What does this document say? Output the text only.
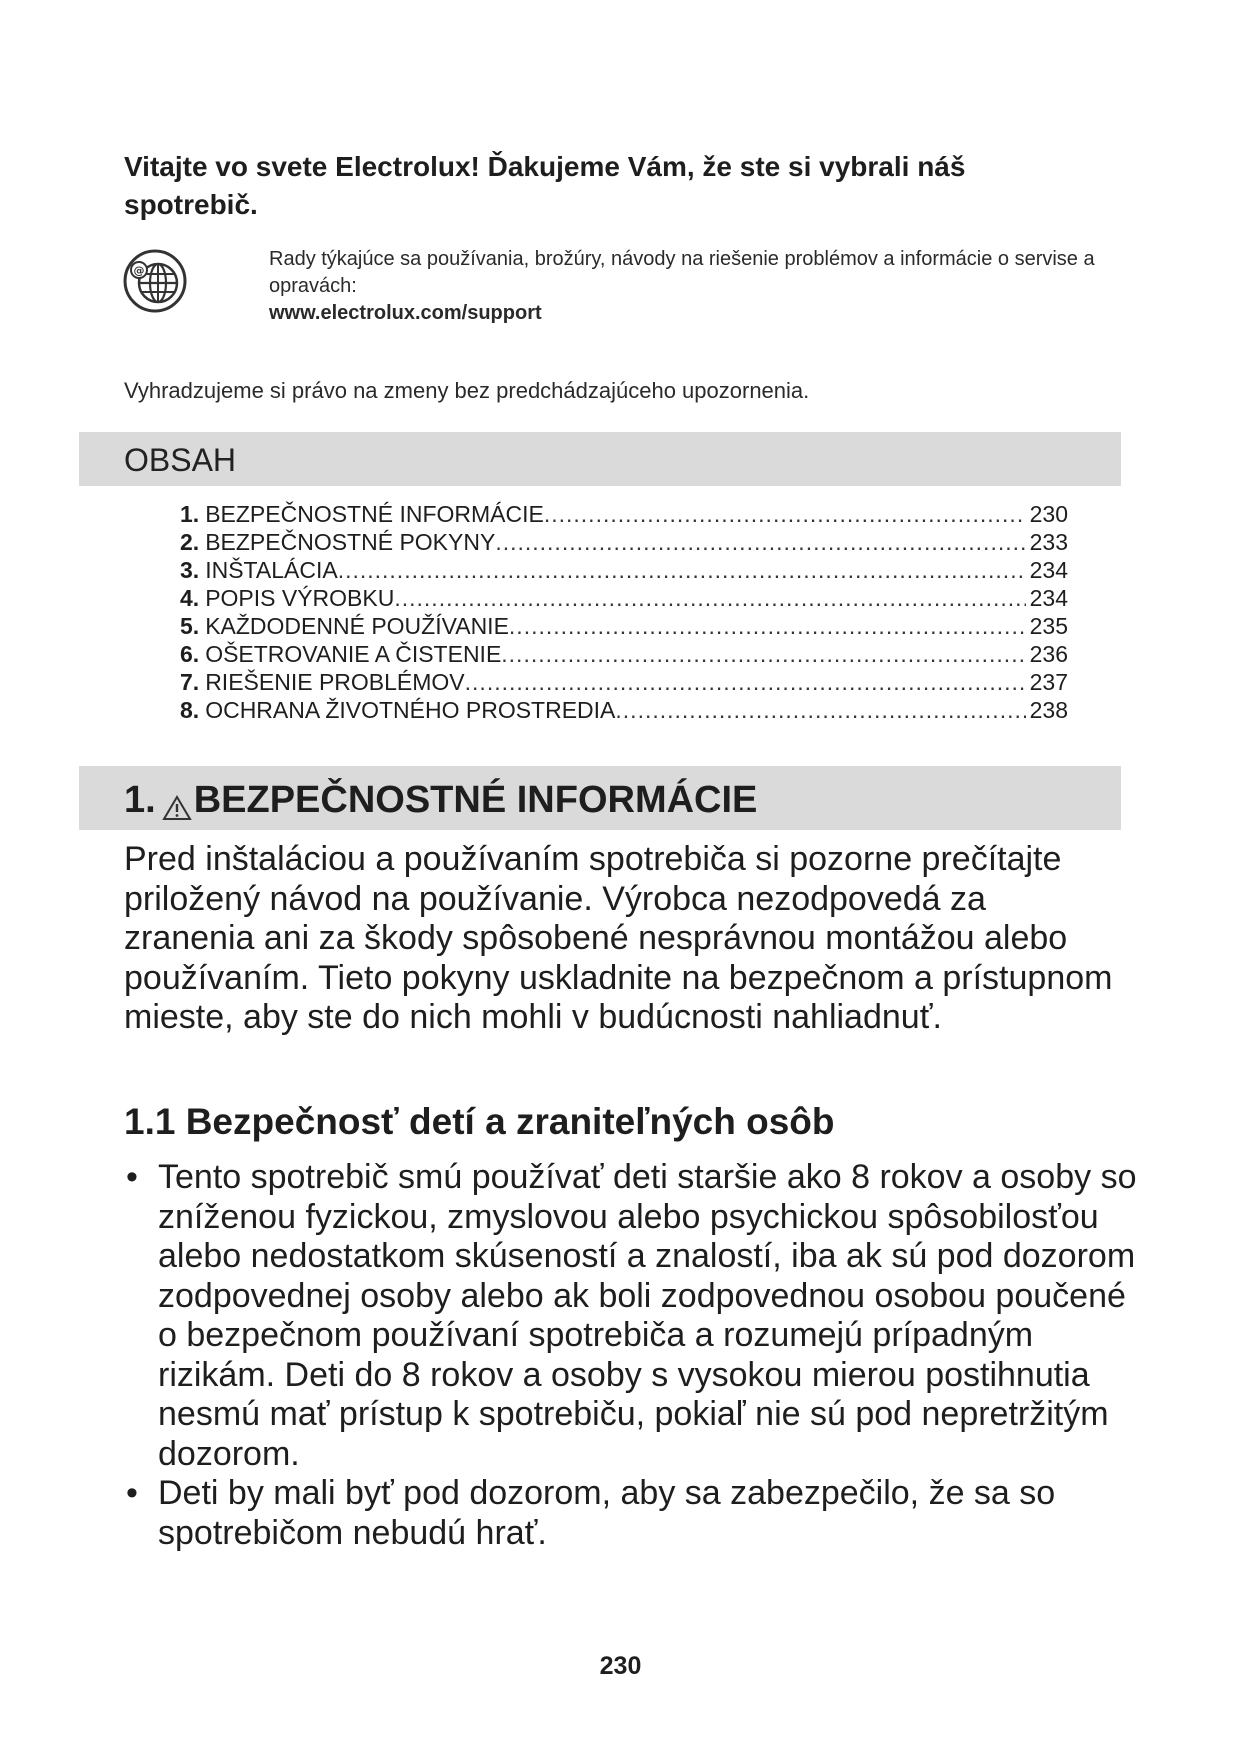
Vitajte vo svete Electrolux! Ďakujeme Vám, že ste si vybrali náš spotrebič.
@
Rady týkajúce sa používania, brožúry, návody na riešenie problémov a informácie o servise a opravách:
www.electrolux.com/support
Vyhradzujeme si právo na zmeny bez predchádzajúceho upozornenia.
OBSAH
1. BEZPEČNOSTNÉ INFORMÁCIE .....	230
2. BEZPEČNOSTNÉ POKYNY .....	233
3. INŠTALÁCIA .....	234
4. POPIS VÝROBKU .....	234
5. KAŽDODENNÉ POUŽÍVANIE .....	235
6. OŠETROVANIE A ČISTENIE .....	236
7. RIEŠENIE PROBLÉMOV .....	237
8. OCHRANA ŽIVOTNÉHO PROSTREDIA .....	238
1. BEZPEČNOSTNÉ INFORMÁCIE

Pred inštaláciou a používaním spotrebiča si pozorne prečítajte priložený návod na používanie. Výrobca nezodpovedá za zranenia ani za škody spôsobené nesprávnou montážou alebo používaním. Tieto pokyny uskladnite na bezpečnom a prístupnom mieste, aby ste do nich mohli v budúcnosti nahliadnuť.

1.1 Bezpečnosť detí a zraniteľných osôb
• Tento spotrebič smú používať deti staršie ako 8 rokov a osoby so zníženou fyzickou, zmyslovou alebo psychickou spôsobilosťou alebo nedostatkom skúseností a znalostí, iba ak sú pod dozorom zodpovednej osoby alebo ak boli zodpovednou osobou poučené o bezpečnom používaní spotrebiča a rozumejú prípadným rizikám. Deti do 8 rokov a osoby s vysokou mierou postihnutia nesmú mať prístup k spotrebiču, pokiaľ nie sú pod nepretržitým dozorom.
• Deti by mali byť pod dozorom, aby sa zabezpečilo, že sa so spotrebičom nebudú hrať.
230
